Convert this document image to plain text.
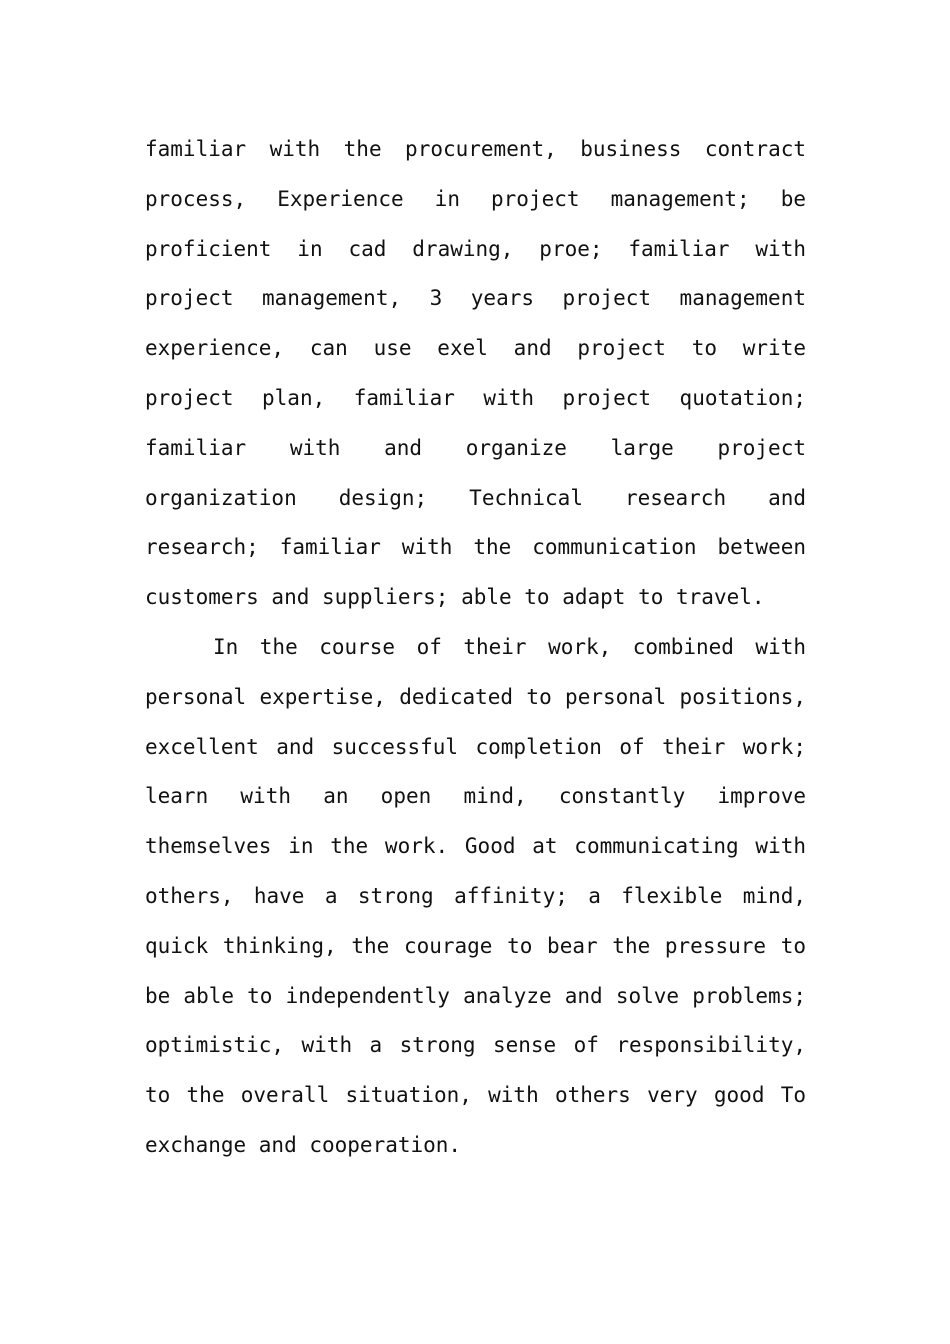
familiar with the procurement, business contract process, Experience in project management; be proficient in cad drawing, proe; familiar with project management, 3 years project management experience, can use exel and project to write project plan, familiar with project quotation; familiar with and organize large project organization design; Technical research and research; familiar with the communication between customers and suppliers; able to adapt to travel.

In the course of their work, combined with personal expertise, dedicated to personal positions, excellent and successful completion of their work; learn with an open mind, constantly improve themselves in the work. Good at communicating with others, have a strong affinity; a flexible mind, quick thinking, the courage to bear the pressure to be able to independently analyze and solve problems; optimistic, with a strong sense of responsibility, to the overall situation, with others very good To exchange and cooperation.
